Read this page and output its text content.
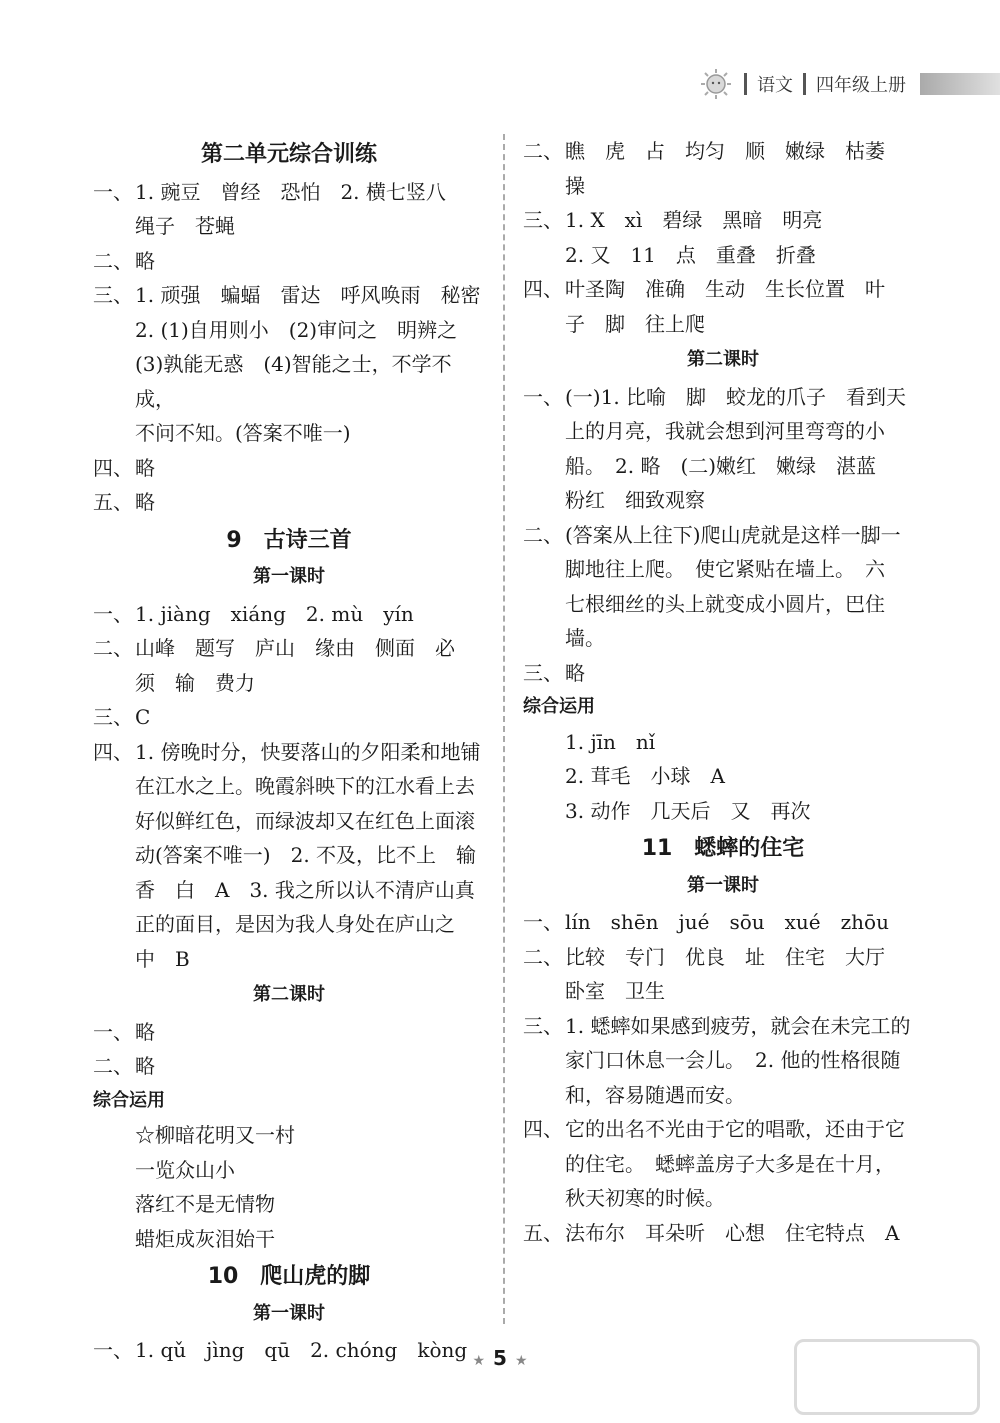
语文 四年级上册
第二单元综合训练
一、 1. 豌豆　曾经　恐怕　2. 横七竖八
绳子　苍蝇
二、 略
三、 1. 顽强　蝙蝠　雷达　呼风唤雨　秘密
2. (1)自用则小　(2)审问之　明辨之
(3)孰能无惑　(4)智能之士，不学不成，
不问不知。(答案不唯一)
四、 略
五、 略
9　古诗三首
第一课时
一、 1. jiàng　xiáng　2. mù　yín
二、 山峰　题写　庐山　缘由　侧面　必
须　输　费力
三、 C
四、 1. 傍晚时分，快要落山的夕阳柔和地铺
在江水之上。晚霞斜映下的江水看上去
好似鲜红色，而绿波却又在红色上面滚
动(答案不唯一)　2. 不及，比不上　输
香　白　A　3. 我之所以认不清庐山真
正的面目，是因为我人身处在庐山之
中　B
第二课时
一、 略
二、 略
综合运用
☆柳暗花明又一村
一览众山小
落红不是无情物
蜡炬成灰泪始干
10　爬山虎的脚
第一课时
一、 1. qǔ　jìng　qū　2. chóng　kòng
二、 瞧　虎　占　均匀　顺　嫩绿　枯萎
操
三、 1. X　xì　碧绿　黑暗　明亮
2. 又　11　点　重叠　折叠
四、 叶圣陶　准确　生动　生长位置　叶
子　脚　往上爬
第二课时
一、 (一)1. 比喻　脚　蛟龙的爪子　看到天
上的月亮，我就会想到河里弯弯的小
船。　2. 略　(二)嫩红　嫩绿　湛蓝
粉红　细致观察
二、 (答案从上往下)爬山虎就是这样一脚一
脚地往上爬。　使它紧贴在墙上。　六
七根细丝的头上就变成小圆片，巴住墙。
三、 略
综合运用
1. jīn　nǐ
2. 茸毛　小球　A
3. 动作　几天后　又　再次
11　蟋蟀的住宅
第一课时
一、 lín　shēn　jué　sōu　xué　zhōu
二、 比较　专门　优良　址　住宅　大厅
卧室　卫生
三、 1. 蟋蟀如果感到疲劳，就会在未完工的
家门口休息一会儿。　2. 他的性格很随
和，容易随遇而安。
四、 它的出名不光由于它的唱歌，还由于它
的住宅。　蟋蟀盖房子大多是在十月，
秋天初寒的时候。
五、 法布尔　耳朵听　心想　住宅特点　A
★ 5 ★
